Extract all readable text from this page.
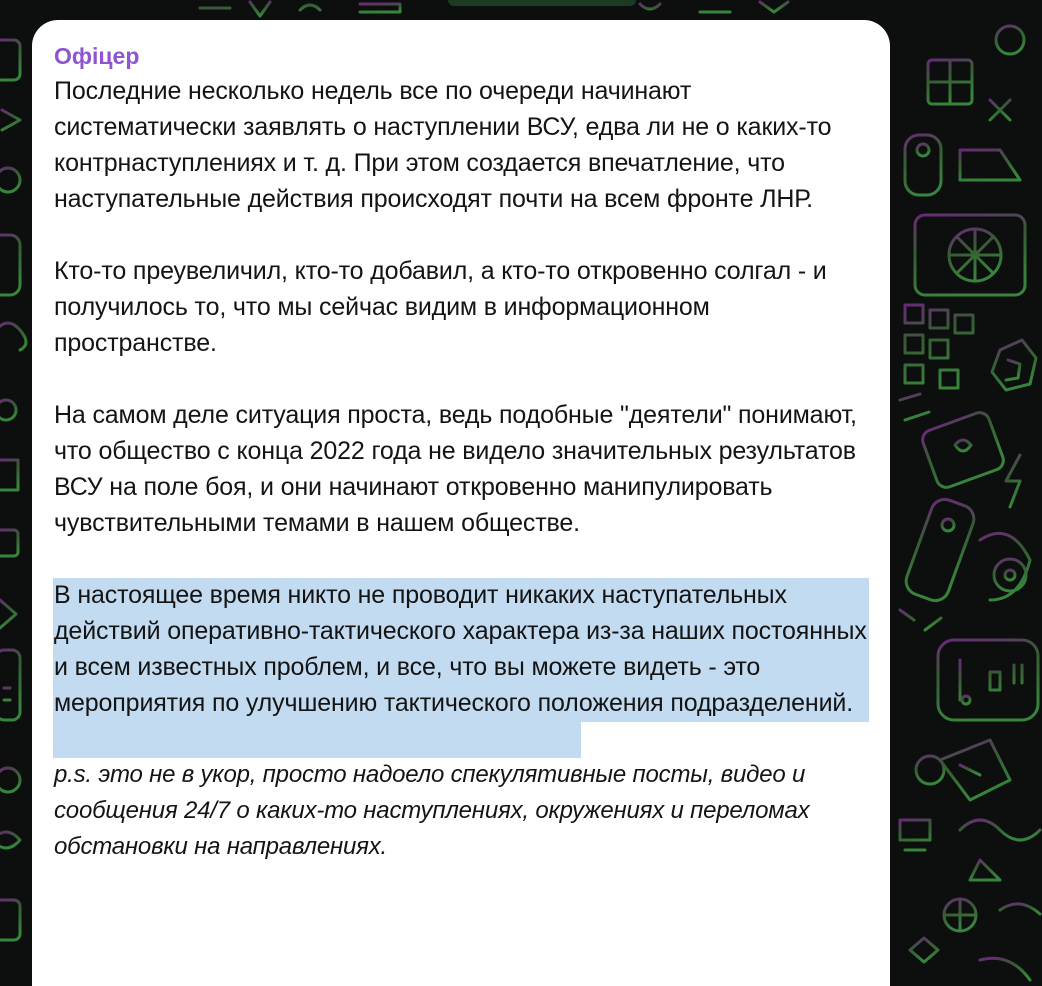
Офіцер

Последние несколько недель все по очереди начинают систематически заявлять о наступлении ВСУ, едва ли не о каких-то контрнаступлениях и т. д. При этом создается впечатление, что наступательные действия происходят почти на всем фронте ЛНР.

Кто-то преувеличил, кто-то добавил, а кто-то откровенно солгал - и получилось то, что мы сейчас видим в информационном пространстве.

На самом деле ситуация проста, ведь подобные "деятели" понимают, что общество с конца 2022 года не видело значительных результатов ВСУ на поле боя, и они начинают откровенно манипулировать чувствительными темами в нашем обществе.

В настоящее время никто не проводит никаких наступательных действий оперативно-тактического характера из-за наших постоянных и всем известных проблем, и все, что вы можете видеть - это мероприятия по улучшению тактического положения подразделений.

p.s. это не в укор, просто надоело спекулятивные посты, видео и сообщения 24/7 о каких-то наступлениях, окружениях и переломах обстановки на направлениях.
